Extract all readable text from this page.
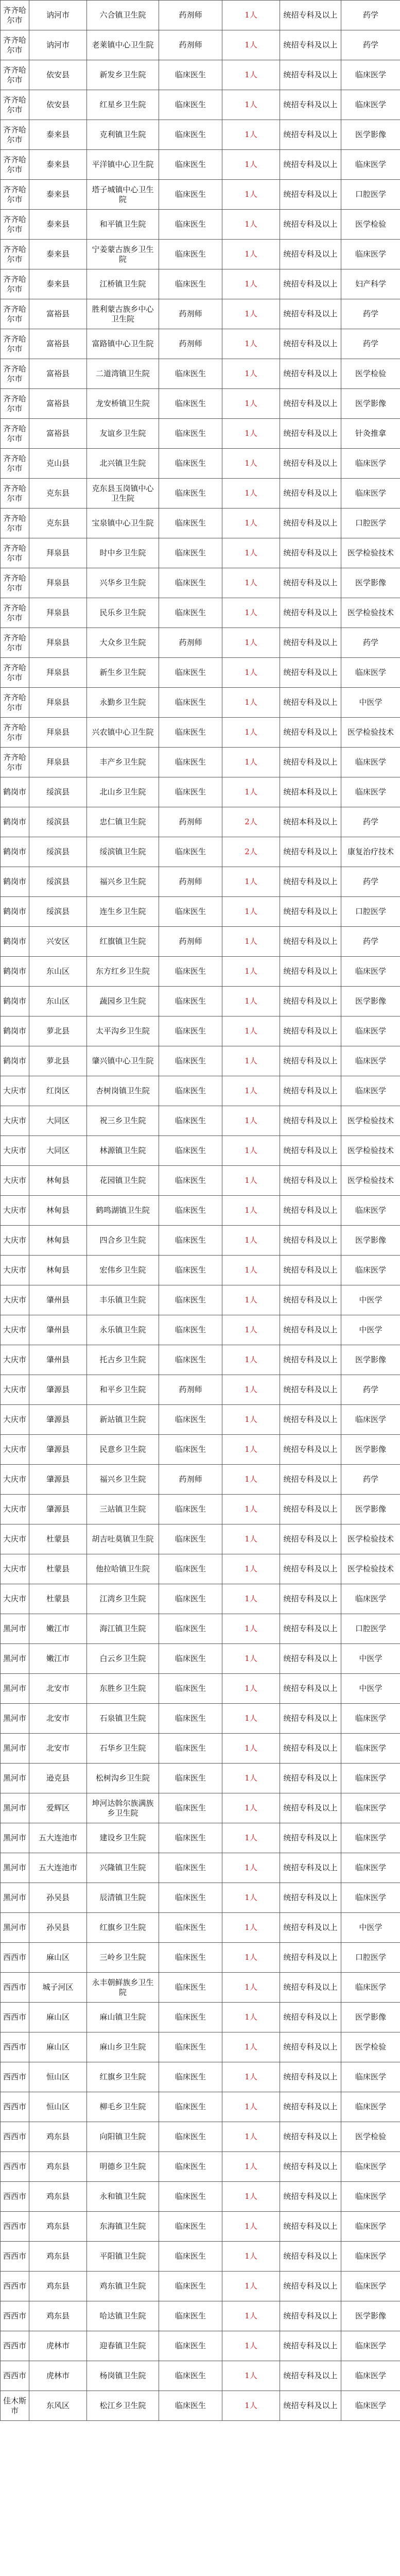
齐齐哈尔市	讷河市	六合镇卫生院	药剂师	1人	统招专科及以上	药学
齐齐哈尔市	讷河市	老莱镇中心卫生院	药剂师	1人	统招专科及以上	药学
齐齐哈尔市	依安县	新发乡卫生院	临床医生	1人	统招专科及以上	临床医学
齐齐哈尔市	依安县	红星乡卫生院	临床医生	1人	统招专科及以上	临床医学
齐齐哈尔市	泰来县	克利镇卫生院	临床医生	1人	统招专科及以上	医学影像
齐齐哈尔市	泰来县	平洋镇中心卫生院	临床医生	1人	统招专科及以上	临床医学
齐齐哈尔市	泰来县	塔子城镇中心卫生院	临床医生	1人	统招专科及以上	口腔医学
齐齐哈尔市	泰来县	和平镇卫生院	临床医生	1人	统招专科及以上	医学检验
齐齐哈尔市	泰来县	宁姜蒙古族乡卫生院	临床医生	1人	统招专科及以上	临床医学
齐齐哈尔市	泰来县	江桥镇卫生院	临床医生	1人	统招专科及以上	妇产科学
齐齐哈尔市	富裕县	胜利蒙古族乡中心卫生院	药剂师	1人	统招专科及以上	药学
齐齐哈尔市	富裕县	富路镇中心卫生院	药剂师	1人	统招专科及以上	药学
齐齐哈尔市	富裕县	二道湾镇卫生院	临床医生	1人	统招专科及以上	医学检验
齐齐哈尔市	富裕县	龙安桥镇卫生院	临床医生	1人	统招专科及以上	医学影像
齐齐哈尔市	富裕县	友谊乡卫生院	临床医生	1人	统招专科及以上	针灸推拿
齐齐哈尔市	克山县	北兴镇卫生院	临床医生	1人	统招专科及以上	临床医学
齐齐哈尔市	克东县	克东县玉岗镇中心卫生院	临床医生	1人	统招专科及以上	临床医学
齐齐哈尔市	克东县	宝泉镇中心卫生院	临床医生	1人	统招专科及以上	口腔医学
齐齐哈尔市	拜泉县	时中乡卫生院	临床医生	1人	统招专科及以上	医学检验技术
齐齐哈尔市	拜泉县	兴华乡卫生院	临床医生	1人	统招专科及以上	医学影像
齐齐哈尔市	拜泉县	民乐乡卫生院	临床医生	1人	统招专科及以上	医学检验技术
齐齐哈尔市	拜泉县	大众乡卫生院	药剂师	1人	统招专科及以上	药学
齐齐哈尔市	拜泉县	新生乡卫生院	临床医生	1人	统招专科及以上	临床医学
齐齐哈尔市	拜泉县	永勤乡卫生院	临床医生	1人	统招专科及以上	中医学
齐齐哈尔市	拜泉县	兴农镇中心卫生院	临床医生	1人	统招专科及以上	医学检验技术
齐齐哈尔市	拜泉县	丰产乡卫生院	临床医生	1人	统招专科及以上	临床医学
鹤岗市	绥滨县	北山乡卫生院	临床医生	1人	统招本科及以上	临床医学
鹤岗市	绥滨县	忠仁镇卫生院	药剂师	2人	统招本科及以上	药学
鹤岗市	绥滨县	绥滨镇卫生院	临床医生	2人	统招专科及以上	康复治疗技术
鹤岗市	绥滨县	福兴乡卫生院	药剂师	1人	统招专科及以上	药学
鹤岗市	绥滨县	连生乡卫生院	临床医生	1人	统招专科及以上	口腔医学
鹤岗市	兴安区	红旗镇卫生院	药剂师	1人	统招专科及以上	药学
鹤岗市	东山区	东方红乡卫生院	临床医生	1人	统招专科及以上	临床医学
鹤岗市	东山区	蔬园乡卫生院	临床医生	1人	统招专科及以上	医学影像
鹤岗市	萝北县	太平沟乡卫生院	临床医生	1人	统招专科及以上	临床医学
鹤岗市	萝北县	肇兴镇中心卫生院	临床医生	1人	统招专科及以上	临床医学
大庆市	红岗区	杏树岗镇卫生院	临床医生	1人	统招专科及以上	临床医学
大庆市	大同区	祝三乡卫生院	临床医生	1人	统招专科及以上	医学检验技术
大庆市	大同区	林源镇卫生院	临床医生	1人	统招专科及以上	医学检验技术
大庆市	林甸县	花园镇卫生院	临床医生	1人	统招专科及以上	医学检验技术
大庆市	林甸县	鹤鸣湖镇卫生院	临床医生	1人	统招专科及以上	临床医学
大庆市	林甸县	四合乡卫生院	临床医生	1人	统招专科及以上	医学影像
大庆市	林甸县	宏伟乡卫生院	临床医生	1人	统招专科及以上	临床医学
大庆市	肇州县	丰乐镇卫生院	临床医生	1人	统招专科及以上	中医学
大庆市	肇州县	永乐镇卫生院	临床医生	1人	统招专科及以上	中医学
大庆市	肇州县	托古乡卫生院	临床医生	1人	统招专科及以上	医学影像
大庆市	肇源县	和平乡卫生院	药剂师	1人	统招专科及以上	药学
大庆市	肇源县	新站镇卫生院	临床医生	1人	统招专科及以上	临床医学
大庆市	肇源县	民意乡卫生院	临床医生	1人	统招专科及以上	医学影像
大庆市	肇源县	福兴乡卫生院	药剂师	1人	统招专科及以上	药学
大庆市	肇源县	三站镇卫生院	临床医生	1人	统招专科及以上	医学影像
大庆市	杜蒙县	胡吉吐莫镇卫生院	临床医生	1人	统招专科及以上	医学检验技术
大庆市	杜蒙县	他拉哈镇卫生院	临床医生	1人	统招专科及以上	医学检验技术
大庆市	杜蒙县	江湾乡卫生院	临床医生	1人	统招专科及以上	临床医学
黑河市	嫩江市	海江镇卫生院	临床医生	1人	统招专科及以上	口腔医学
黑河市	嫩江市	白云乡卫生院	临床医生	1人	统招专科及以上	中医学
黑河市	北安市	东胜乡卫生院	临床医生	1人	统招专科及以上	中医学
黑河市	北安市	石泉镇卫生院	临床医生	1人	统招专科及以上	临床医学
黑河市	北安市	石华乡卫生院	临床医生	1人	统招专科及以上	临床医学
黑河市	逊克县	松树沟乡卫生院	临床医生	1人	统招专科及以上	临床医学
黑河市	爱辉区	坤河达斡尔族满族乡卫生院	临床医生	1人	统招专科及以上	临床医学
黑河市	五大连池市	建设乡卫生院	临床医生	1人	统招专科及以上	临床医学
黑河市	五大连池市	兴隆镇卫生院	临床医生	1人	统招专科及以上	临床医学
黑河市	孙吴县	辰清镇卫生院	临床医生	1人	统招专科及以上	临床医学
黑河市	孙吴县	红旗乡卫生院	临床医生	1人	统招专科及以上	中医学
西西市	麻山区	三岭乡卫生院	临床医生	1人	统招专科及以上	口腔医学
西西市	城子河区	永丰朝鲜族乡卫生院	临床医生	1人	统招专科及以上	临床医学
西西市	麻山区	麻山镇卫生院	临床医生	1人	统招专科及以上	医学影像
西西市	麻山区	麻山乡卫生院	临床医生	1人	统招专科及以上	医学检验
西西市	恒山区	红旗乡卫生院	临床医生	1人	统招专科及以上	临床医学
西西市	恒山区	柳毛乡卫生院	临床医生	1人	统招专科及以上	临床医学
西西市	鸡东县	向阳镇卫生院	临床医生	1人	统招专科及以上	医学检验
西西市	鸡东县	明德乡卫生院	临床医生	1人	统招专科及以上	临床医学
西西市	鸡东县	永和镇卫生院	临床医生	1人	统招专科及以上	临床医学
西西市	鸡东县	东海镇卫生院	临床医生	1人	统招专科及以上	临床医学
西西市	鸡东县	平阳镇卫生院	临床医生	1人	统招专科及以上	临床医学
西西市	鸡东县	鸡东镇卫生院	临床医生	1人	统招专科及以上	临床医学
西西市	鸡东县	哈达镇卫生院	临床医生	1人	统招专科及以上	医学影像
西西市	虎林市	迎春镇卫生院	临床医生	1人	统招专科及以上	临床医学
西西市	虎林市	杨岗镇卫生院	临床医生	1人	统招专科及以上	临床医学
佳木斯市	东风区	松江乡卫生院	临床医生	1人	统招专科及以上	临床医学
